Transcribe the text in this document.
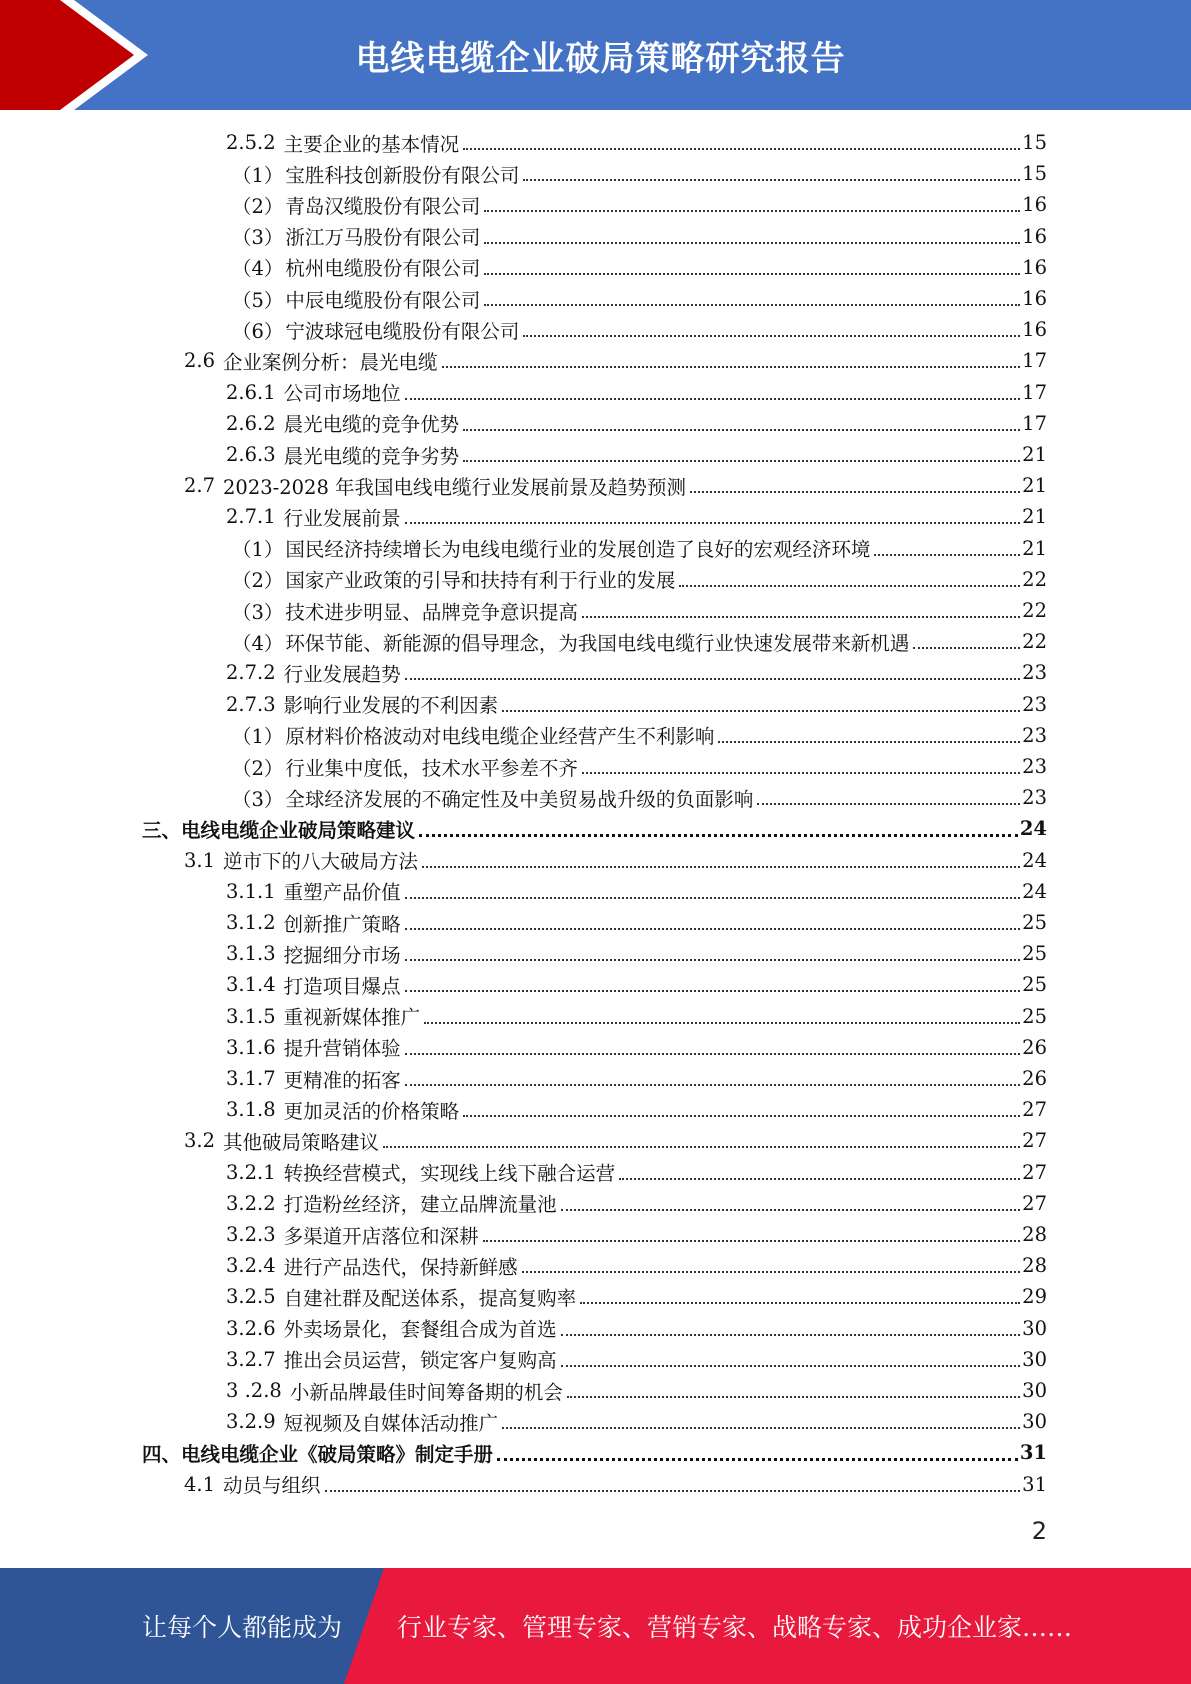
电线电缆企业破局策略研究报告
2.5.2 主要企业的基本情况	15
（1） 宝胜科技创新股份有限公司	15
（2） 青岛汉缆股份有限公司	16
（3） 浙江万马股份有限公司	16
（4） 杭州电缆股份有限公司	16
（5） 中辰电缆股份有限公司	16
（6） 宁波球冠电缆股份有限公司	16
2.6 企业案例分析：晨光电缆	17
2.6.1 公司市场地位	17
2.6.2 晨光电缆的竞争优势	17
2.6.3 晨光电缆的竞争劣势	21
2.7 2023-2028 年我国电线电缆行业发展前景及趋势预测	21
2.7.1 行业发展前景	21
（1） 国民经济持续增长为电线电缆行业的发展创造了良好的宏观经济环境	21
（2） 国家产业政策的引导和扶持有利于行业的发展	22
（3） 技术进步明显、品牌竞争意识提高	22
（4） 环保节能、新能源的倡导理念，为我国电线电缆行业快速发展带来新机遇	22
2.7.2 行业发展趋势	23
2.7.3 影响行业发展的不利因素	23
（1） 原材料价格波动对电线电缆企业经营产生不利影响	23
（2） 行业集中度低，技术水平参差不齐	23
（3） 全球经济发展的不确定性及中美贸易战升级的负面影响	23
三、 电线电缆企业破局策略建议	24
3.1 逆市下的八大破局方法	24
3.1.1 重塑产品价值	24
3.1.2 创新推广策略	25
3.1.3 挖掘细分市场	25
3.1.4 打造项目爆点	25
3.1.5 重视新媒体推广	25
3.1.6 提升营销体验	26
3.1.7 更精准的拓客	26
3.1.8 更加灵活的价格策略	27
3.2 其他破局策略建议	27
3.2.1 转换经营模式，实现线上线下融合运营	27
3.2.2 打造粉丝经济，建立品牌流量池	27
3.2.3 多渠道开店落位和深耕	28
3.2.4 进行产品迭代，保持新鲜感	28
3.2.5 自建社群及配送体系，提高复购率	29
3.2.6 外卖场景化，套餐组合成为首选	30
3.2.7 推出会员运营，锁定客户复购高	30
3 .2.8 小新品牌最佳时间筹备期的机会	30
3.2.9 短视频及自媒体活动推广	30
四、 电线电缆企业《破局策略》制定手册	31
4.1 动员与组织	31
2
让每个人都能成为 行业专家、管理专家、营销专家、战略专家、成功企业家……
